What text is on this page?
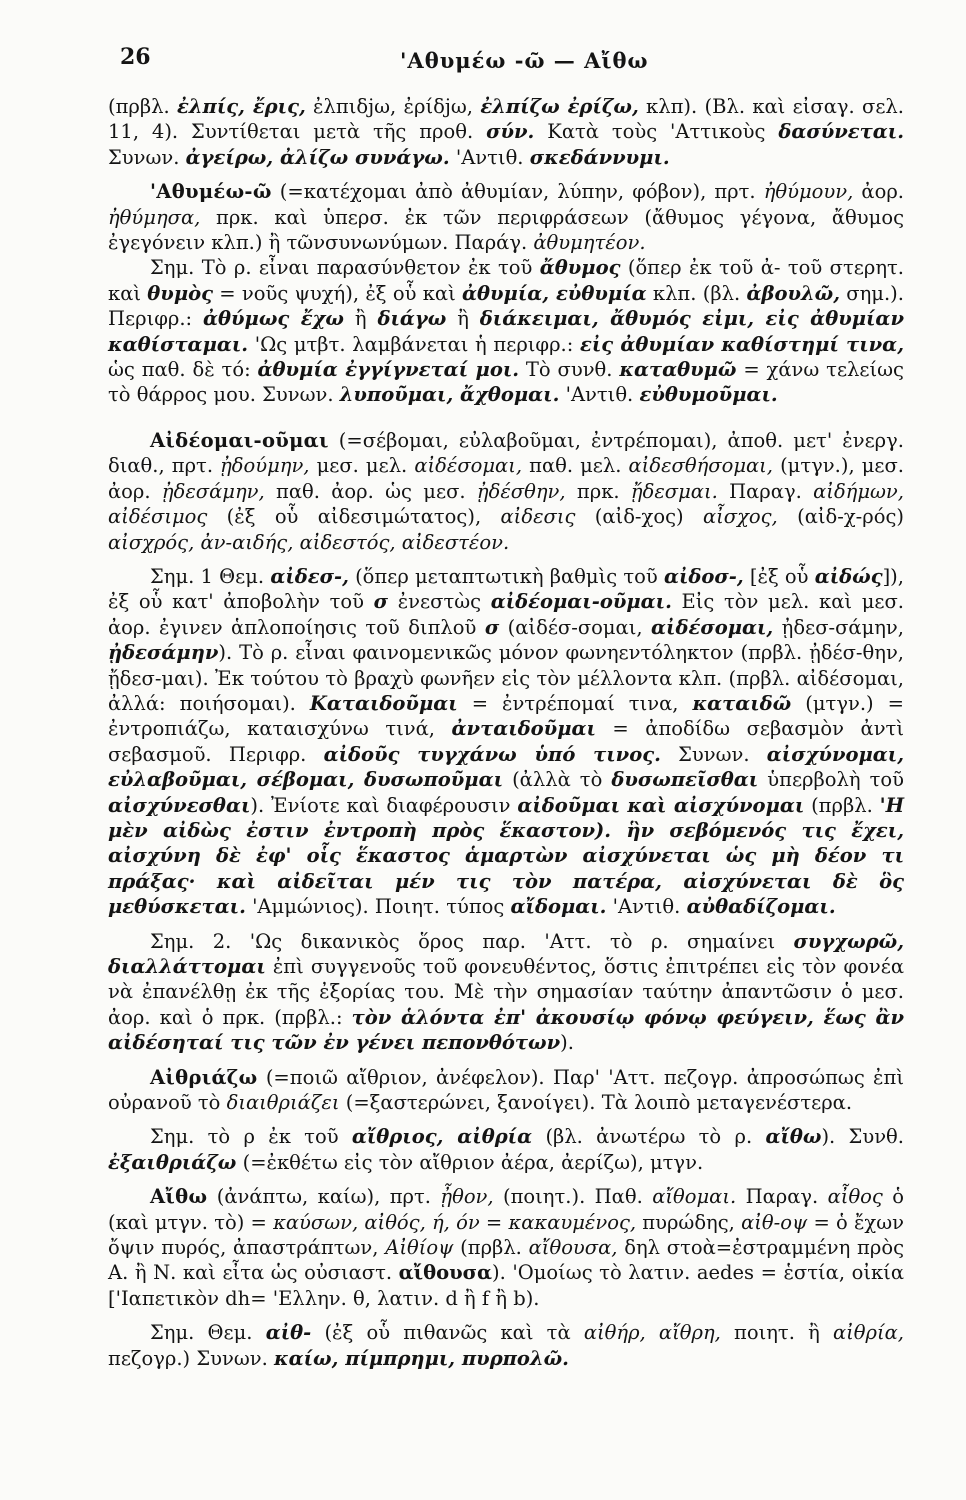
26	'Αθυμέω -ῶ — Αἴθω

(πρβλ. ἐλπίς, ἔρις, ἐλπιδjω, ἐρίδjω, ἐλπίζω ἐρίζω, κλπ). (Βλ. καὶ εἰσαγ. σελ. 11, 4). Συντίθεται μετὰ τῆς προθ. σύν. Κατὰ τοὺς 'Αττικοὺς δασύνεται. Συνων. ἀγείρω, ἀλίζω συνάγω. 'Αντιθ. σκεδάννυμι.

'Αθυμέω-ῶ (=κατέχομαι ἀπὸ ἀθυμίαν, λύπην, φόβον), πρτ. ἠθύμουν, ἀορ. ἠθύμησα, πρκ. καὶ ὑπερσ. ἐκ τῶν περιφράσεων (ἄθυμος γέγονα, ἄθυμος ἐγεγόνειν κλπ.) ἢ τῶνσυνωνύμων. Παράγ. ἀθυμητέον.

Σημ. Τὸ ρ. εἶναι παρασύνθετον ἐκ τοῦ ἄθυμος (ὅπερ ἐκ τοῦ ἀ- τοῦ στερητ. καὶ θυμὸς = νοῦς ψυχή), ἐξ οὗ καὶ ἀθυμία, εὐθυμία κλπ. (βλ. ἀβουλῶ, σημ.). Περιφρ.: ἀθύμως ἔχω ἢ διάγω ἢ διάκειμαι, ἄθυμός εἰμι, εἰς ἀθυμίαν καθίσταμαι. 'Ως μτβτ. λαμβάνεται ἡ περιφρ.: εἰς ἀθυμίαν καθίστημί τινα, ὡς παθ. δὲ τό: ἀθυμία ἐγγίγνεταί μοι. Τὸ συνθ. καταθυμῶ = χάνω τελείως τὸ θάρρος μου. Συνων. λυποῦμαι, ἄχθομαι. 'Αντιθ. εὐθυμοῦμαι.

Αἰδέομαι-οῦμαι (=σέβομαι, εὐλαβοῦμαι, ἐντρέπομαι), ἀποθ. μετ' ἐνεργ. διαθ., πρτ. ᾐδούμην, μεσ. μελ. αἰδέσομαι, παθ. μελ. αἰδεσθήσομαι, (μτγν.), μεσ. ἀορ. ᾐδεσάμην, παθ. ἀορ. ὡς μεσ. ᾐδέσθην, πρκ. ᾔδεσμαι. Παραγ. αἰδήμων, αἰδέσιμος (ἐξ οὗ αἰδεσιμώτατος), αἰδεσις (αἰδ-χος) αἶσχος, (αἰδ-χ-ρός) αἰσχρός, ἀν-αιδής, αἰδεστός, αἰδεστέον.

Σημ. 1 Θεμ. αἰδεσ-, (ὅπερ μεταπτωτικὴ βαθμὶς τοῦ αἰδοσ-, [ἐξ οὗ αἰδώς]), ἐξ οὗ κατ' ἀποβολὴν τοῦ σ ἐνεστὼς αἰδέομαι-οῦμαι. Εἰς τὸν μελ. καὶ μεσ. ἀορ. ἐγινεν ἁπλοποίησις τοῦ διπλοῦ σ (αἰδέσ-σομαι, αἰδέσομαι, ᾐδεσ-σάμην, ᾐδεσάμην). Τὸ ρ. εἶναι φαινομενικῶς μόνον φωνηεντόληκτον (πρβλ. ᾐδέσ-θην, ᾔδεσ-μαι). Ἐκ τούτου τὸ βραχὺ φωνῆεν εἰς τὸν μέλλοντα κλπ. (πρβλ. αἰδέσομαι, ἀλλά: ποιήσομαι). Καταιδοῦμαι = ἐντρέπομαί τινα, καταιδῶ (μτγν.) = ἐντροπιάζω, καταισχύνω τινά, ἀνταιδοῦμαι = ἀποδίδω σεβασμὸν ἀντὶ σεβασμοῦ. Περιφρ. αἰδοῦς τυγχάνω ὑπό τινος. Συνων. αἰσχύνομαι, εὐλαβοῦμαι, σέβομαι, δυσωποῦμαι (ἀλλὰ τὸ δυσωπεῖσθαι ὑπερβολὴ τοῦ αἰσχύνεσθαι). Ἐνίοτε καὶ διαφέρουσιν αἰδοῦμαι καὶ αἰσχύνομαι (πρβλ. 'Η μὲν αἰδὼς ἐστιν ἐντροπὴ πρὸς ἕκαστον). ἣν σεβόμενός τις ἔχει, αἰσχύνη δὲ ἐφ' οἷς ἕκαστος ἁμαρτὼν αἰσχύνεται ὡς μὴ δέον τι πράξας· καὶ αἰδεῖται μέν τις τὸν πατέρα, αἰσχύνεται δὲ ὃς μεθύσκεται. 'Αμμώνιος). Ποιητ. τύπος αἴδομαι. 'Αντιθ. αὐθαδίζομαι.

Σημ. 2. 'Ως δικανικὸς ὅρος παρ. 'Αττ. τὸ ρ. σημαίνει συγχωρῶ, διαλλάττομαι ἐπὶ συγγενοῦς τοῦ φονευθέντος, ὅστις ἐπιτρέπει εἰς τὸν φονέα νὰ ἐπανέλθῃ ἐκ τῆς ἐξορίας του. Μὲ τὴν σημασίαν ταύτην ἀπαντῶσιν ὁ μεσ. ἀορ. καὶ ὁ πρκ. (πρβλ.: τὸν ἁλόντα ἐπ' ἀκουσίῳ φόνῳ φεύγειν, ἕως ἂν αἰδέσηταί τις τῶν ἐν γένει πεπονθότων).

Αἰθριάζω (=ποιῶ αἴθριον, ἀνέφελον). Παρ' 'Αττ. πεζογρ. ἀπροσώπως ἐπὶ οὐρανοῦ τὸ διαιθριάζει (=ξαστερώνει, ξανοίγει). Τὰ λοιπὸ μεταγενέστερα.

Σημ. τὸ ρ ἐκ τοῦ αἴθριος, αἰθρία (βλ. ἀνωτέρω τὸ ρ. αἴθω). Συνθ. ἐξαιθριάζω (=ἐκθέτω εἰς τὸν αἴθριον ἀέρα, ἀερίζω), μτγν.

Αἴθω (ἀνάπτω, καίω), πρτ. ᾖθον, (ποιητ.). Παθ. αἴθομαι. Παραγ. αἶθος ὁ (καὶ μτγν. τὸ) = καύσων, αἰθός, ή, όν = κακαυμένος, πυρώδης, αἰθ-οψ = ὁ ἔχων ὄψιν πυρός, ἀπαστράπτων, Αἰθίοψ (πρβλ. αἴθουσα, δηλ στοὰ=ἐστραμμένη πρὸς Α. ἢ Ν. καὶ εἶτα ὡς οὐσιαστ. αἴθουσα). 'Ομοίως τὸ λατιν. aedes = ἑστία, οἰκία ['Ιαπετικὸν dh= 'Ελλην. θ, λατιν. d ἢ f ἢ b).

Σημ. Θεμ. αἰθ- (ἐξ οὗ πιθανῶς καὶ τὰ αἰθήρ, αἴθρη, ποιητ. ἢ αἰθρία, πεζογρ.) Συνων. καίω, πίμπρημι, πυρπολῶ.
